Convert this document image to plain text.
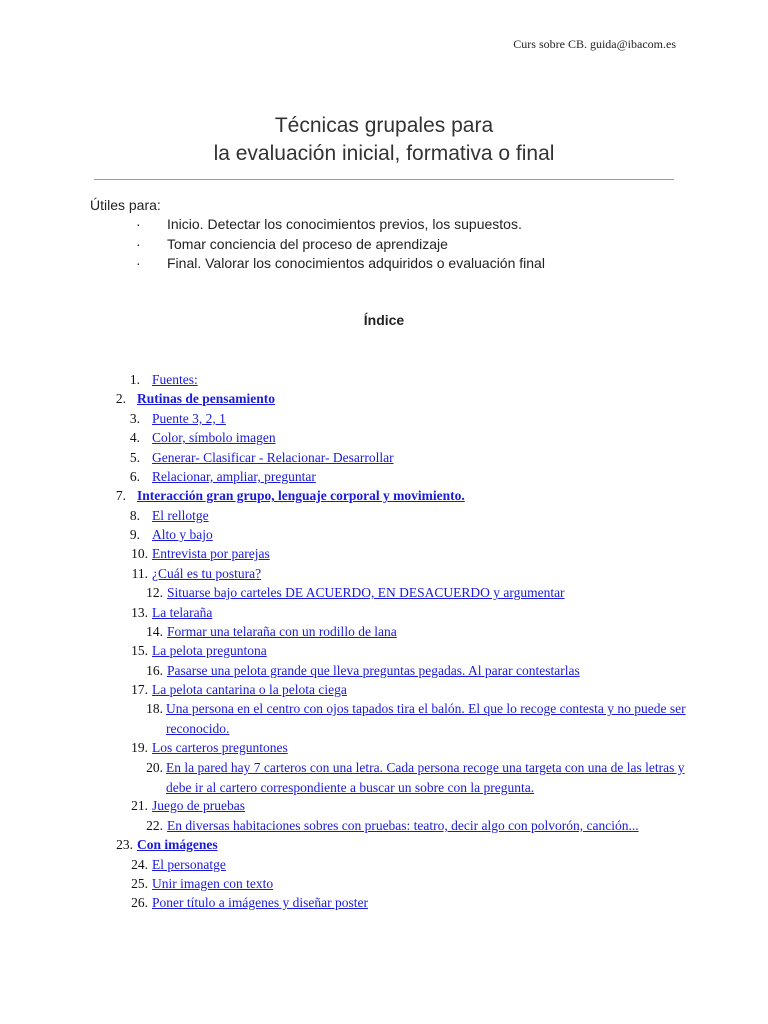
Curs sobre CB. guida@ibacom.es
Técnicas grupales para
la evaluación inicial, formativa o final
Útiles para:
· Inicio. Detectar los conocimientos previos, los supuestos.
· Tomar conciencia del proceso de aprendizaje
· Final. Valorar los conocimientos adquiridos o evaluación final
Índice
1. Fuentes:
2. Rutinas de pensamiento
3. Puente 3, 2, 1
4. Color, símbolo imagen
5. Generar- Clasificar - Relacionar- Desarrollar
6. Relacionar, ampliar, preguntar
7. Interacción gran grupo, lenguaje corporal y movimiento.
8. El rellotge
9. Alto y bajo
10. Entrevista por parejas
11. ¿Cuál es tu postura?
12. Situarse bajo carteles DE ACUERDO, EN DESACUERDO y argumentar
13. La telaraña
14. Formar una telaraña con un rodillo de lana
15. La pelota preguntona
16. Pasarse una pelota grande que lleva preguntas pegadas. Al parar contestarlas
17. La pelota cantarina o la pelota ciega
18. Una persona en el centro con ojos tapados tira el balón. El que lo recoge contesta y no puede ser reconocido.
19. Los carteros preguntones
20. En la pared hay 7 carteros con una letra. Cada persona recoge una targeta con una de las letras y debe ir al cartero correspondiente a buscar un sobre con la pregunta.
21. Juego de pruebas
22. En diversas habitaciones sobres con pruebas: teatro, decir algo con polvorón, canción...
23. Con imágenes
24. El personatge
25. Unir imagen con texto
26. Poner título a imágenes y diseñar poster
